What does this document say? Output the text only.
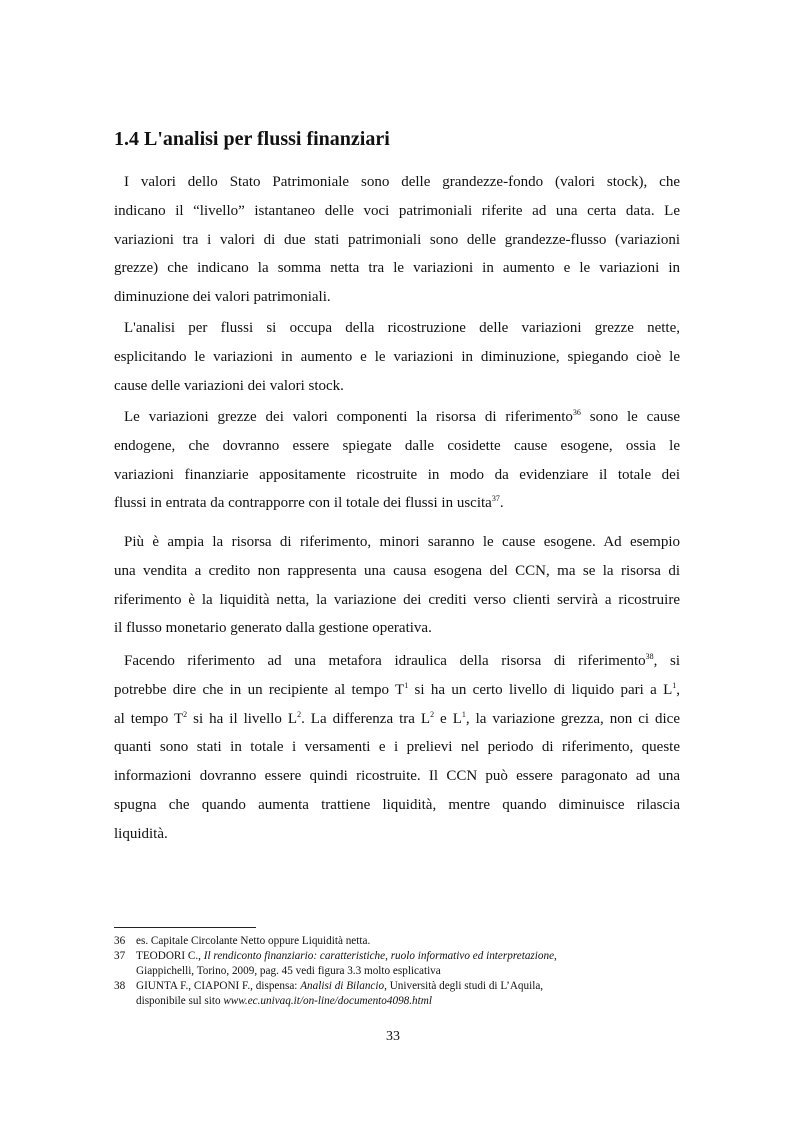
1.4 L'analisi per flussi finanziari
I valori dello Stato Patrimoniale sono delle grandezze-fondo (valori stock), che
indicano il “livello” istantaneo delle voci patrimoniali riferite ad una certa data. Le
variazioni tra i valori di due stati patrimoniali sono delle grandezze-flusso (variazioni
grezze) che indicano la somma netta tra le variazioni in aumento e le variazioni in
diminuzione dei valori patrimoniali.
L'analisi per flussi si occupa della ricostruzione delle variazioni grezze nette,
esplicitando le variazioni in aumento e le variazioni in diminuzione, spiegando cioè le
cause delle variazioni dei valori stock.
Le variazioni grezze dei valori componenti la risorsa di riferimento$^{36}$ sono le cause
endogene, che dovranno essere spiegate dalle cosidette cause esogene, ossia le
variazioni finanziarie appositamente ricostruite in modo da evidenziare il totale dei
flussi in entrata da contrapporre con il totale dei flussi in uscita$^{37}$.
Più è ampia la risorsa di riferimento, minori saranno le cause esogene. Ad esempio
una vendita a credito non rappresenta una causa esogena del CCN, ma se la risorsa di
riferimento è la liquidità netta, la variazione dei crediti verso clienti servirà a ricostruire
il flusso monetario generato dalla gestione operativa.
Facendo riferimento ad una metafora idraulica della risorsa di riferimento$^{38}$, si
potrebbe dire che in un recipiente al tempo $T^1$ si ha un certo livello di liquido pari a $L^1$,
al tempo $T^2$ si ha il livello $L^2$. La differenza tra $L^2$ e $L^1$, la variazione grezza, non ci dice
quanti sono stati in totale i versamenti e i prelievi nel periodo di riferimento, queste
informazioni dovranno essere quindi ricostruite. Il CCN può essere paragonato ad una
spugna che quando aumenta trattiene liquidità, mentre quando diminuisce rilascia
liquidità.
36 es. Capitale Circolante Netto oppure Liquidità netta.
37 TEODORI C., Il rendiconto finanziario: caratteristiche, ruolo informativo ed interpretazione,
Giappichelli, Torino, 2009, pag. 45 vedi figura 3.3 molto esplicativa
38 GIUNTA F., CIAPONI F., dispensa: Analisi di Bilancio, Università degli studi di L’Aquila,
disponibile sul sito www.ec.univaq.it/on-line/documento4098.html
33
